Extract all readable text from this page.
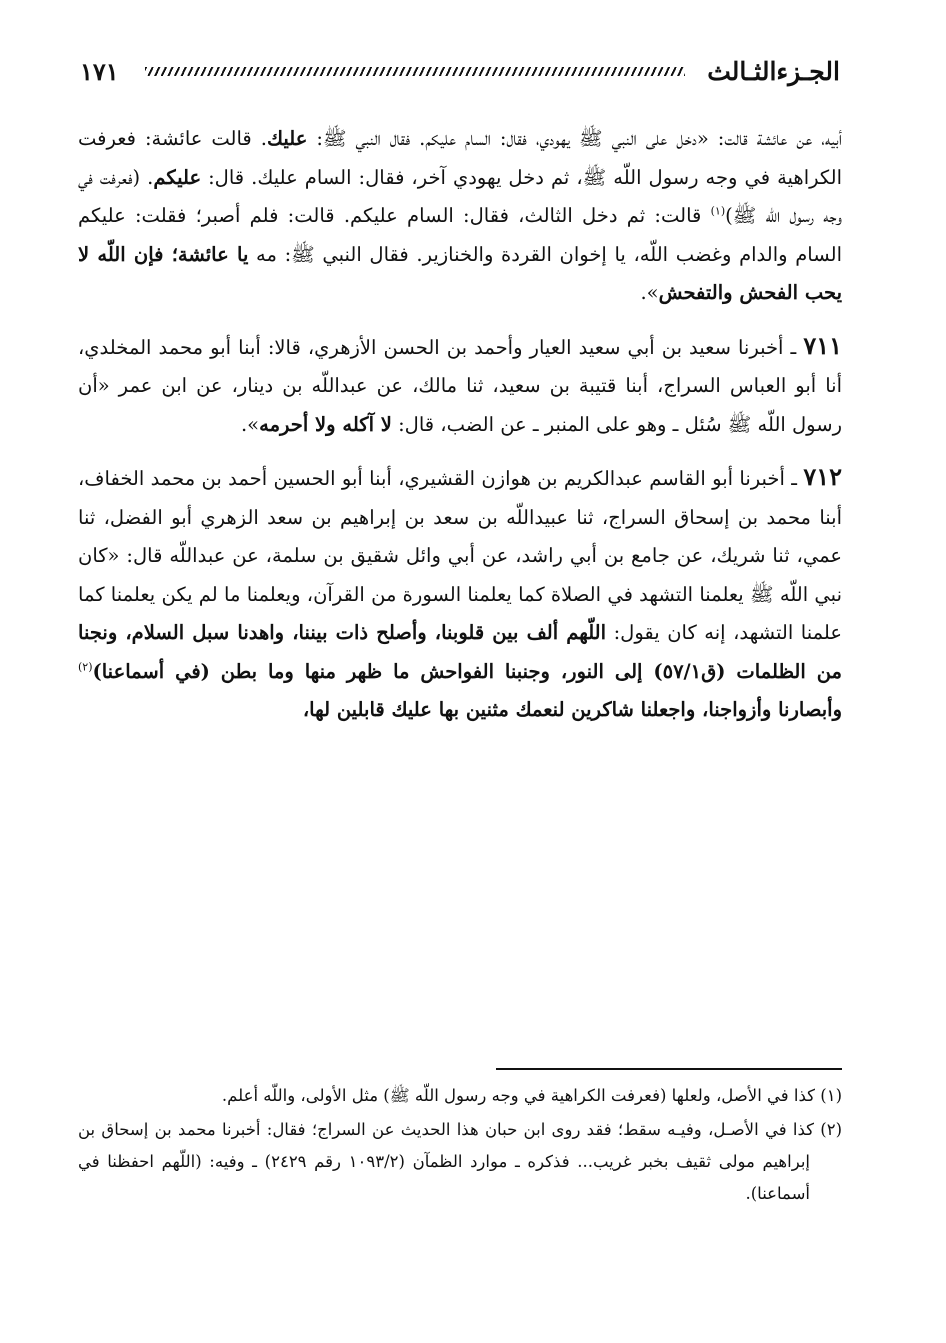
الجـزءالثـالث
١٧١

أبيه، عن عائشة قالت: «دخل على النبي ﷺ يهودي، فقال: السام عليكم. فقال النبي ﷺ: عليك. قالت عائشة: فعرفت الكراهية في وجه رسول اللّه ﷺ، ثم دخل يهودي آخر، فقال: السام عليك. قال: عليكم. (فعرفت في وجه رسول اللّه ﷺ)$^{(١)}$ قالت: ثم دخل الثالث، فقال: السام عليكم. قالت: فلم أصبر؛ فقلت: عليكم السام والدام وغضب اللّه، يا إخوان القردة والخنازير. فقال النبي ﷺ: مه يا عائشة؛ فإن اللّه لا يحب الفحش والتفحش».

٧١١ ـ أخبرنا سعيد بن أبي سعيد العيار وأحمد بن الحسن الأزهري، قالا: أبنا أبو محمد المخلدي، أنا أبو العباس السراج، أبنا قتيبة بن سعيد، ثنا مالك، عن عبداللّه بن دينار، عن ابن عمر «أن رسول اللّه ﷺ سُئل ـ وهو على المنبر ـ عن الضب، قال: لا آكله ولا أحرمه».

٧١٢ ـ أخبرنا أبو القاسم عبدالكريم بن هوازن القشيري، أبنا أبو الحسين أحمد بن محمد الخفاف، أبنا محمد بن إسحاق السراج، ثنا عبيداللّه بن سعد بن إبراهيم بن سعد الزهري أبو الفضل، ثنا عمي، ثنا شريك، عن جامع بن أبي راشد، عن أبي وائل شقيق بن سلمة، عن عبداللّه قال: «كان نبي اللّه ﷺ يعلمنا التشهد في الصلاة كما يعلمنا السورة من القرآن، ويعلمنا ما لم يكن يعلمنا كما علمنا التشهد، إنه كان يقول: اللّهم ألف بين قلوبنا، وأصلح ذات بيننا، واهدنا سبل السلام، ونجنا من الظلمات (ق٥٧/١) إلى النور، وجنبنا الفواحش ما ظهر منها وما بطن (في أسماعنا)$^{(٢)}$ وأبصارنا وأزواجنا، واجعلنا شاكرين لنعمك مثنين بها عليك قابلين لها،

(١) كذا في الأصل، ولعلها (فعرفت الكراهية في وجه رسول اللّه ﷺ) مثل الأولى، واللّه أعلم.

(٢) كذا في الأصـل، وفيـه سقط؛ فقد روى ابن حبان هذا الحديث عن السراج؛ فقال: أخبرنا محمد بن إسحاق بن إبراهيم مولى ثقيف بخبر غريب... فذكره ـ موارد الظمآن (١٠٩٣/٢ رقم ٢٤٢٩) ـ وفيه: (اللّهم احفظنا في أسماعنا).
